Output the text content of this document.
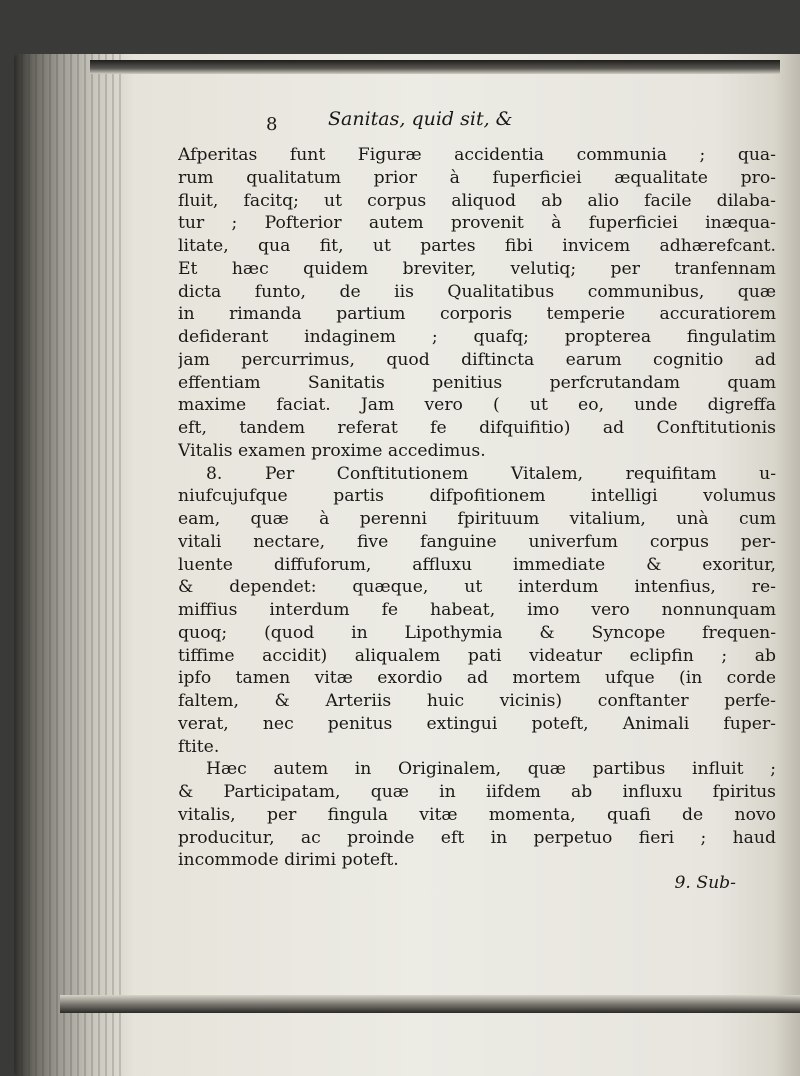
8	Sanitas, quid sit, &
Afperitas funt Figuræ accidentia communia ; qua-
rum qualitatum prior à fuperficiei æqualitate pro-
fluit, facitq; ut corpus aliquod ab alio facile dilaba-
tur ; Pofterior autem provenit à fuperficiei inæqua-
litate, qua fit, ut partes fibi invicem adhærefcant.
Et hæc quidem breviter, velutiq; per tranfennam
dicta funto, de iis Qualitatibus communibus, quæ
in rimanda partium corporis temperie accuratiorem
defiderant indaginem ; quafq; propterea fingulatim
jam percurrimus, quod diftincta earum cognitio ad
effentiam Sanitatis penitius perfcrutandam quam
maxime faciat. Jam vero ( ut eo, unde digreffa
eft, tandem referat fe difquifitio) ad Conftitutionis
Vitalis examen proxime accedimus.
8. Per Conftitutionem Vitalem, requifitam u-
niufcujufque partis difpofitionem intelligi volumus
eam, quæ à perenni fpirituum vitalium, unà cum
vitali nectare, five fanguine univerfum corpus per-
luente diffuforum, affluxu immediate & exoritur,
& dependet: quæque, ut interdum intenfius, re-
miffius interdum fe habeat, imo vero nonnunquam
quoq; (quod in Lipothymia & Syncope frequen-
tiffime accidit) aliqualem pati videatur eclipfin ; ab
ipfo tamen vitæ exordio ad mortem ufque (in corde
faltem, & Arteriis huic vicinis) conftanter perfe-
verat, nec penitus extingui poteft, Animali fuper-
ftite.
Hæc autem in Originalem, quæ partibus influit ;
& Participatam, quæ in iifdem ab influxu fpiritus
vitalis, per fingula vitæ momenta, quafi de novo
producitur, ac proinde eft in perpetuo fieri ; haud
incommode dirimi poteft.
9. Sub-
